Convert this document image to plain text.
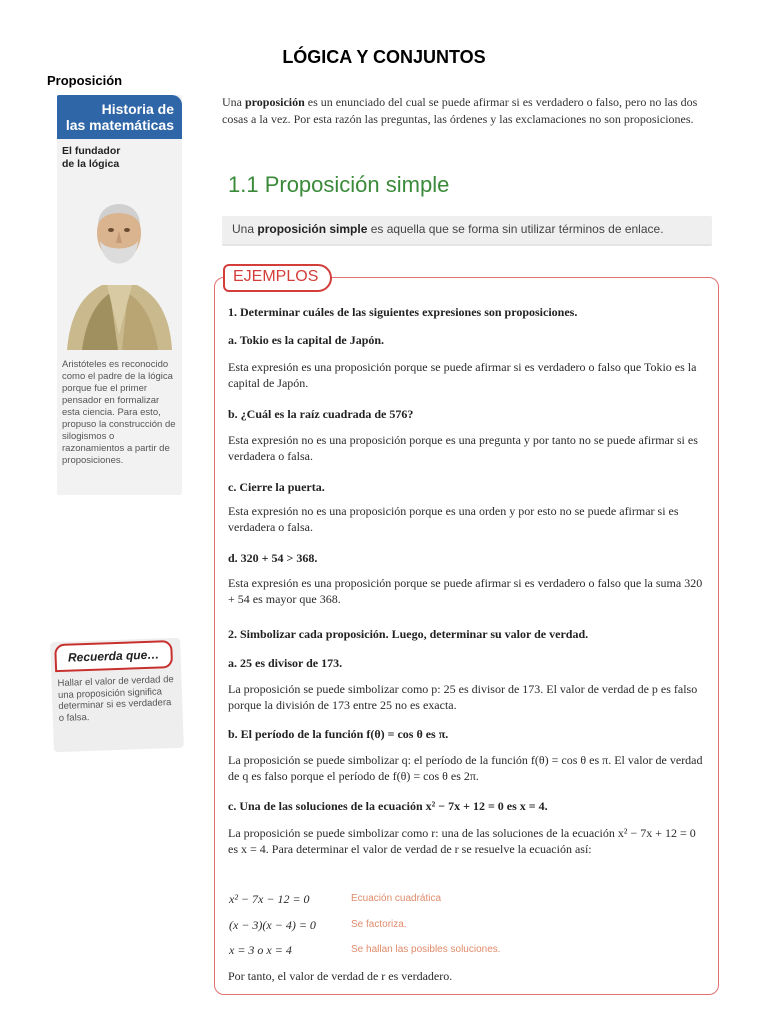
LÓGICA Y CONJUNTOS
Proposición
Historia de
las matemáticas
El fundador
de la lógica
Aristóteles es reconocido como el padre de la lógica porque fue el primer pensador en formalizar esta ciencia. Para esto, propuso la construcción de silogismos o razonamientos a partir de proposiciones.
Recuerda que…
Hallar el valor de verdad de una proposición significa determinar si es verdadera o falsa.
Una proposición es un enunciado del cual se puede afirmar si es verdadero o falso, pero no las dos cosas a la vez. Por esta razón las preguntas, las órdenes y las exclamaciones no son proposiciones.
1.1 Proposición simple
Una proposición simple es aquella que se forma sin utilizar términos de enlace.
EJEMPLOS
1. Determinar cuáles de las siguientes expresiones son proposiciones.
a. Tokio es la capital de Japón.
Esta expresión es una proposición porque se puede afirmar si es verdadero o falso que Tokio es la capital de Japón.
b. ¿Cuál es la raíz cuadrada de 576?
Esta expresión no es una proposición porque es una pregunta y por tanto no se puede afirmar si es verdadera o falsa.
c. Cierre la puerta.
Esta expresión no es una proposición porque es una orden y por esto no se puede afirmar si es verdadera o falsa.
d. 320 + 54 > 368.
Esta expresión es una proposición porque se puede afirmar si es verdadero o falso que la suma 320 + 54 es mayor que 368.
2. Simbolizar cada proposición. Luego, determinar su valor de verdad.
a. 25 es divisor de 173.
La proposición se puede simbolizar como p: 25 es divisor de 173. El valor de verdad de p es falso porque la división de 173 entre 25 no es exacta.
b. El período de la función f(θ) = cos θ es π.
La proposición se puede simbolizar q: el período de la función f(θ) = cos θ es π. El valor de verdad de q es falso porque el período de f(θ) = cos θ es 2π.
c. Una de las soluciones de la ecuación x² − 7x + 12 = 0 es x = 4.
La proposición se puede simbolizar como r: una de las soluciones de la ecuación x² − 7x + 12 = 0 es x = 4. Para determinar el valor de verdad de r se resuelve la ecuación así:
x² − 7x − 12 = 0	Ecuación cuadrática
(x − 3)(x − 4) = 0	Se factoriza.
x = 3 o x = 4	Se hallan las posibles soluciones.
Por tanto, el valor de verdad de r es verdadero.
